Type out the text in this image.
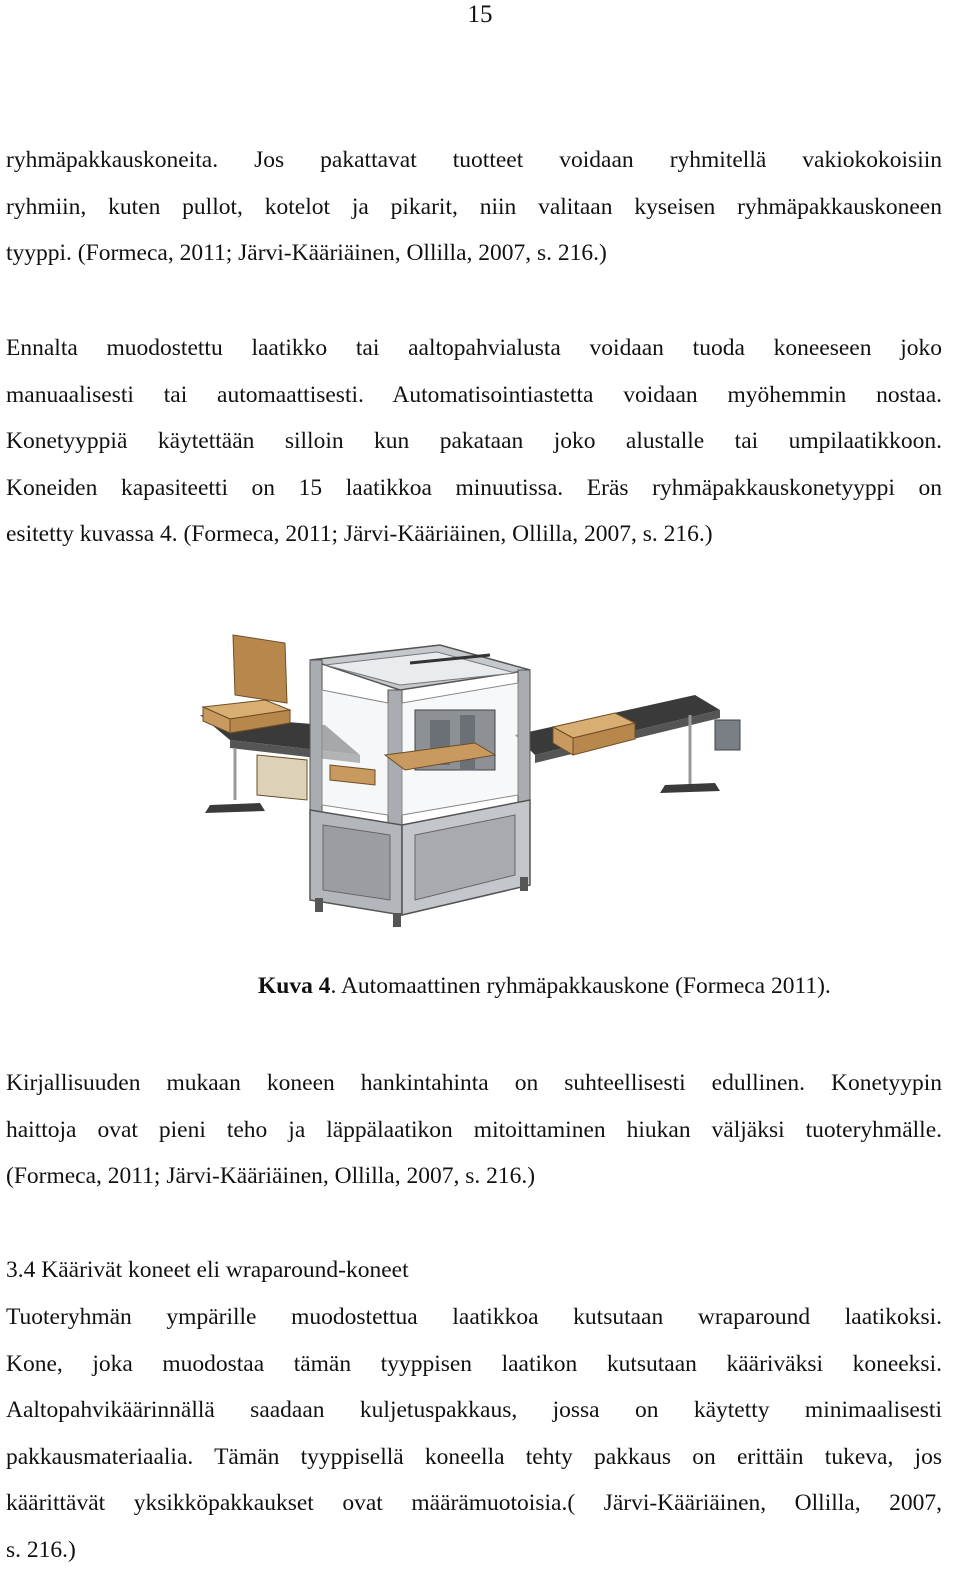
15
ryhmäpakkauskoneita. Jos pakattavat tuotteet voidaan ryhmitellä vakiokokoisiin
ryhmiin, kuten pullot, kotelot ja pikarit, niin valitaan kyseisen ryhmäpakkauskoneen
tyyppi. (Formeca, 2011; Järvi-Kääriäinen, Ollilla, 2007, s. 216.)
Ennalta muodostettu laatikko tai aaltopahvialusta voidaan tuoda koneeseen joko
manuaalisesti tai automaattisesti. Automatisointiastetta voidaan myöhemmin nostaa.
Konetyyppiä käytettään silloin kun pakataan joko alustalle tai umpilaatikkoon.
Koneiden kapasiteetti on 15 laatikkoa minuutissa. Eräs ryhmäpakkauskonetyyppi on
esitetty kuvassa 4. (Formeca, 2011; Järvi-Kääriäinen, Ollilla, 2007, s. 216.)

Kuva 4. Automaattinen ryhmäpakkauskone (Formeca 2011).

Kirjallisuuden mukaan koneen hankintahinta on suhteellisesti edullinen. Konetyypin
haittoja ovat pieni teho ja läppälaatikon mitoittaminen hiukan väljäksi tuoteryhmälle.
(Formeca, 2011; Järvi-Kääriäinen, Ollilla, 2007, s. 216.)
3.4 Käärivät koneet eli wraparound-koneet
Tuoteryhmän ympärille muodostettua laatikkoa kutsutaan wraparound laatikoksi.
Kone, joka muodostaa tämän tyyppisen laatikon kutsutaan kääriväksi koneeksi.
Aaltopahvikäärinnällä saadaan kuljetuspakkaus, jossa on käytetty minimaalisesti
pakkausmateriaalia. Tämän tyyppisellä koneella tehty pakkaus on erittäin tukeva, jos
käärittävät yksikköpakkaukset ovat määrämuotoisia.( Järvi-Kääriäinen, Ollilla, 2007,
s. 216.)
